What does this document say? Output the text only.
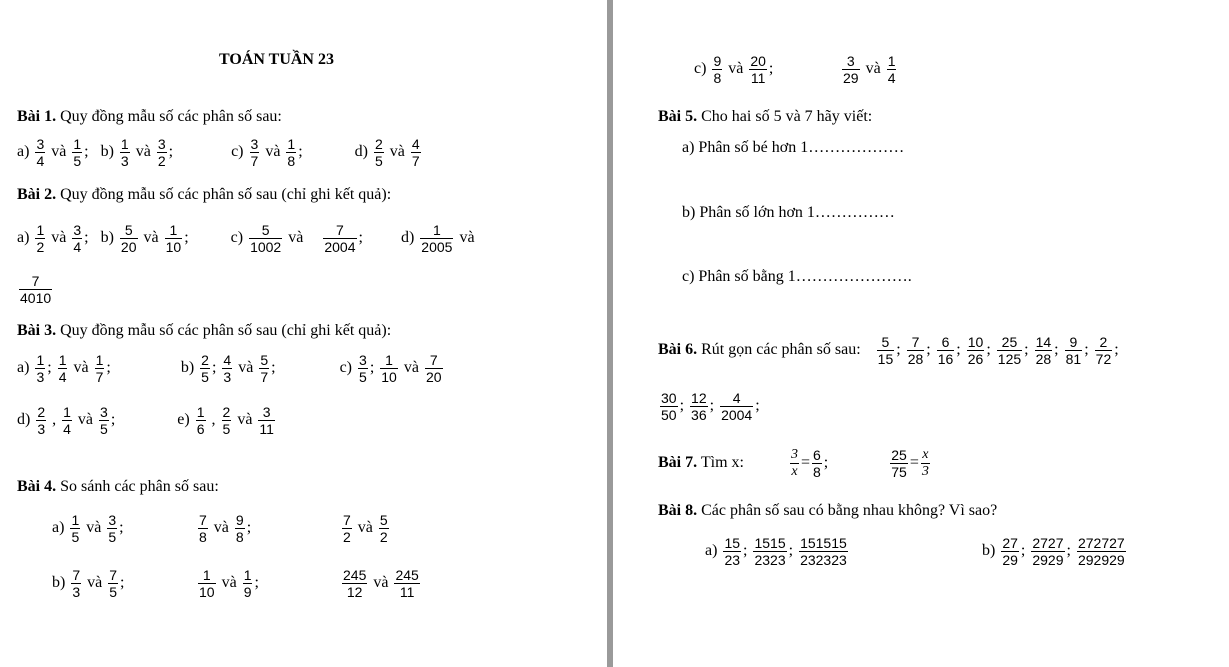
TOÁN TUẦN 23
Bài 1. Quy đồng mẫu số các phân số sau:
$a) \frac{3}{4}$ và $\frac{1}{5}$ ; $b) \frac{1}{3}$ và $\frac{3}{2}$ ;	$c) \frac{3}{7}$ và $\frac{1}{8}$ ;	$d) \frac{2}{5}$ và $\frac{4}{7}$
Bài 2. Quy đồng mẫu số các phân số sau (chỉ ghi kết quả):
$a) \frac{1}{2}$ và $\frac{3}{4}$ ; $b) \frac{5}{20}$ và $\frac{1}{10}$ ;	$c) \frac{5}{1002}$ và $\frac{7}{2004}$ ; $d) \frac{1}{2005}$ và
$\frac{7}{4010}$
Bài 3. Quy đồng mẫu số các phân số sau (chỉ ghi kết quả):
$a) \frac{1}{3}$ ; $\frac{1}{4}$ và $\frac{1}{7}$ ;	$b) \frac{2}{5}$ ; $\frac{4}{3}$ và $\frac{5}{7}$ ;	$c) \frac{3}{5}$ ; $\frac{1}{10}$ và $\frac{7}{20}$
$d) \frac{2}{3}$ , $\frac{1}{4}$ và $\frac{3}{5}$ ;	$e) \frac{1}{6}$ , $\frac{2}{5}$ và $\frac{3}{11}$
Bài 4. So sánh các phân số sau:
$a) \frac{1}{5}$ và $\frac{3}{5}$ ;	$\frac{7}{8}$ và $\frac{9}{8}$ ;	$\frac{7}{2}$ và $\frac{5}{2}$
$b) \frac{7}{3}$ và $\frac{7}{5}$ ;	$\frac{1}{10}$ và $\frac{1}{9}$ ;	$\frac{245}{12}$ và $\frac{245}{11}$
$c) \frac{9}{8}$ và $\frac{20}{11}$ ;	$\frac{3}{29}$ và $\frac{1}{4}$
Bài 5. Cho hai số 5 và 7 hãy viết:
a) Phân số bé hơn 1………………
b) Phân số lớn hơn 1……………
c) Phân số bằng 1………………….
Bài 6. Rút gọn các phân số sau: $\frac{5}{15}$ ; $\frac{7}{28}$ ; $\frac{6}{16}$ ; $\frac{10}{26}$ ; $\frac{25}{125}$ ; $\frac{14}{28}$ ; $\frac{9}{81}$ ; $\frac{2}{72}$ ;
$\frac{30}{50}$ ; $\frac{12}{36}$ ; $\frac{4}{2004}$ ;
Bài 7. Tìm x:	$\frac{3}{x} = \frac{6}{8}$ ;	$\frac{25}{75} = \frac{x}{3}$
Bài 8. Các phân số sau có bằng nhau không? Vì sao?
$a) \frac{15}{23}$ ; $\frac{1515}{2323}$ ; $\frac{151515}{232323}$	$b) \frac{27}{29}$ ; $\frac{2727}{2929}$ ; $\frac{272727}{292929}$
